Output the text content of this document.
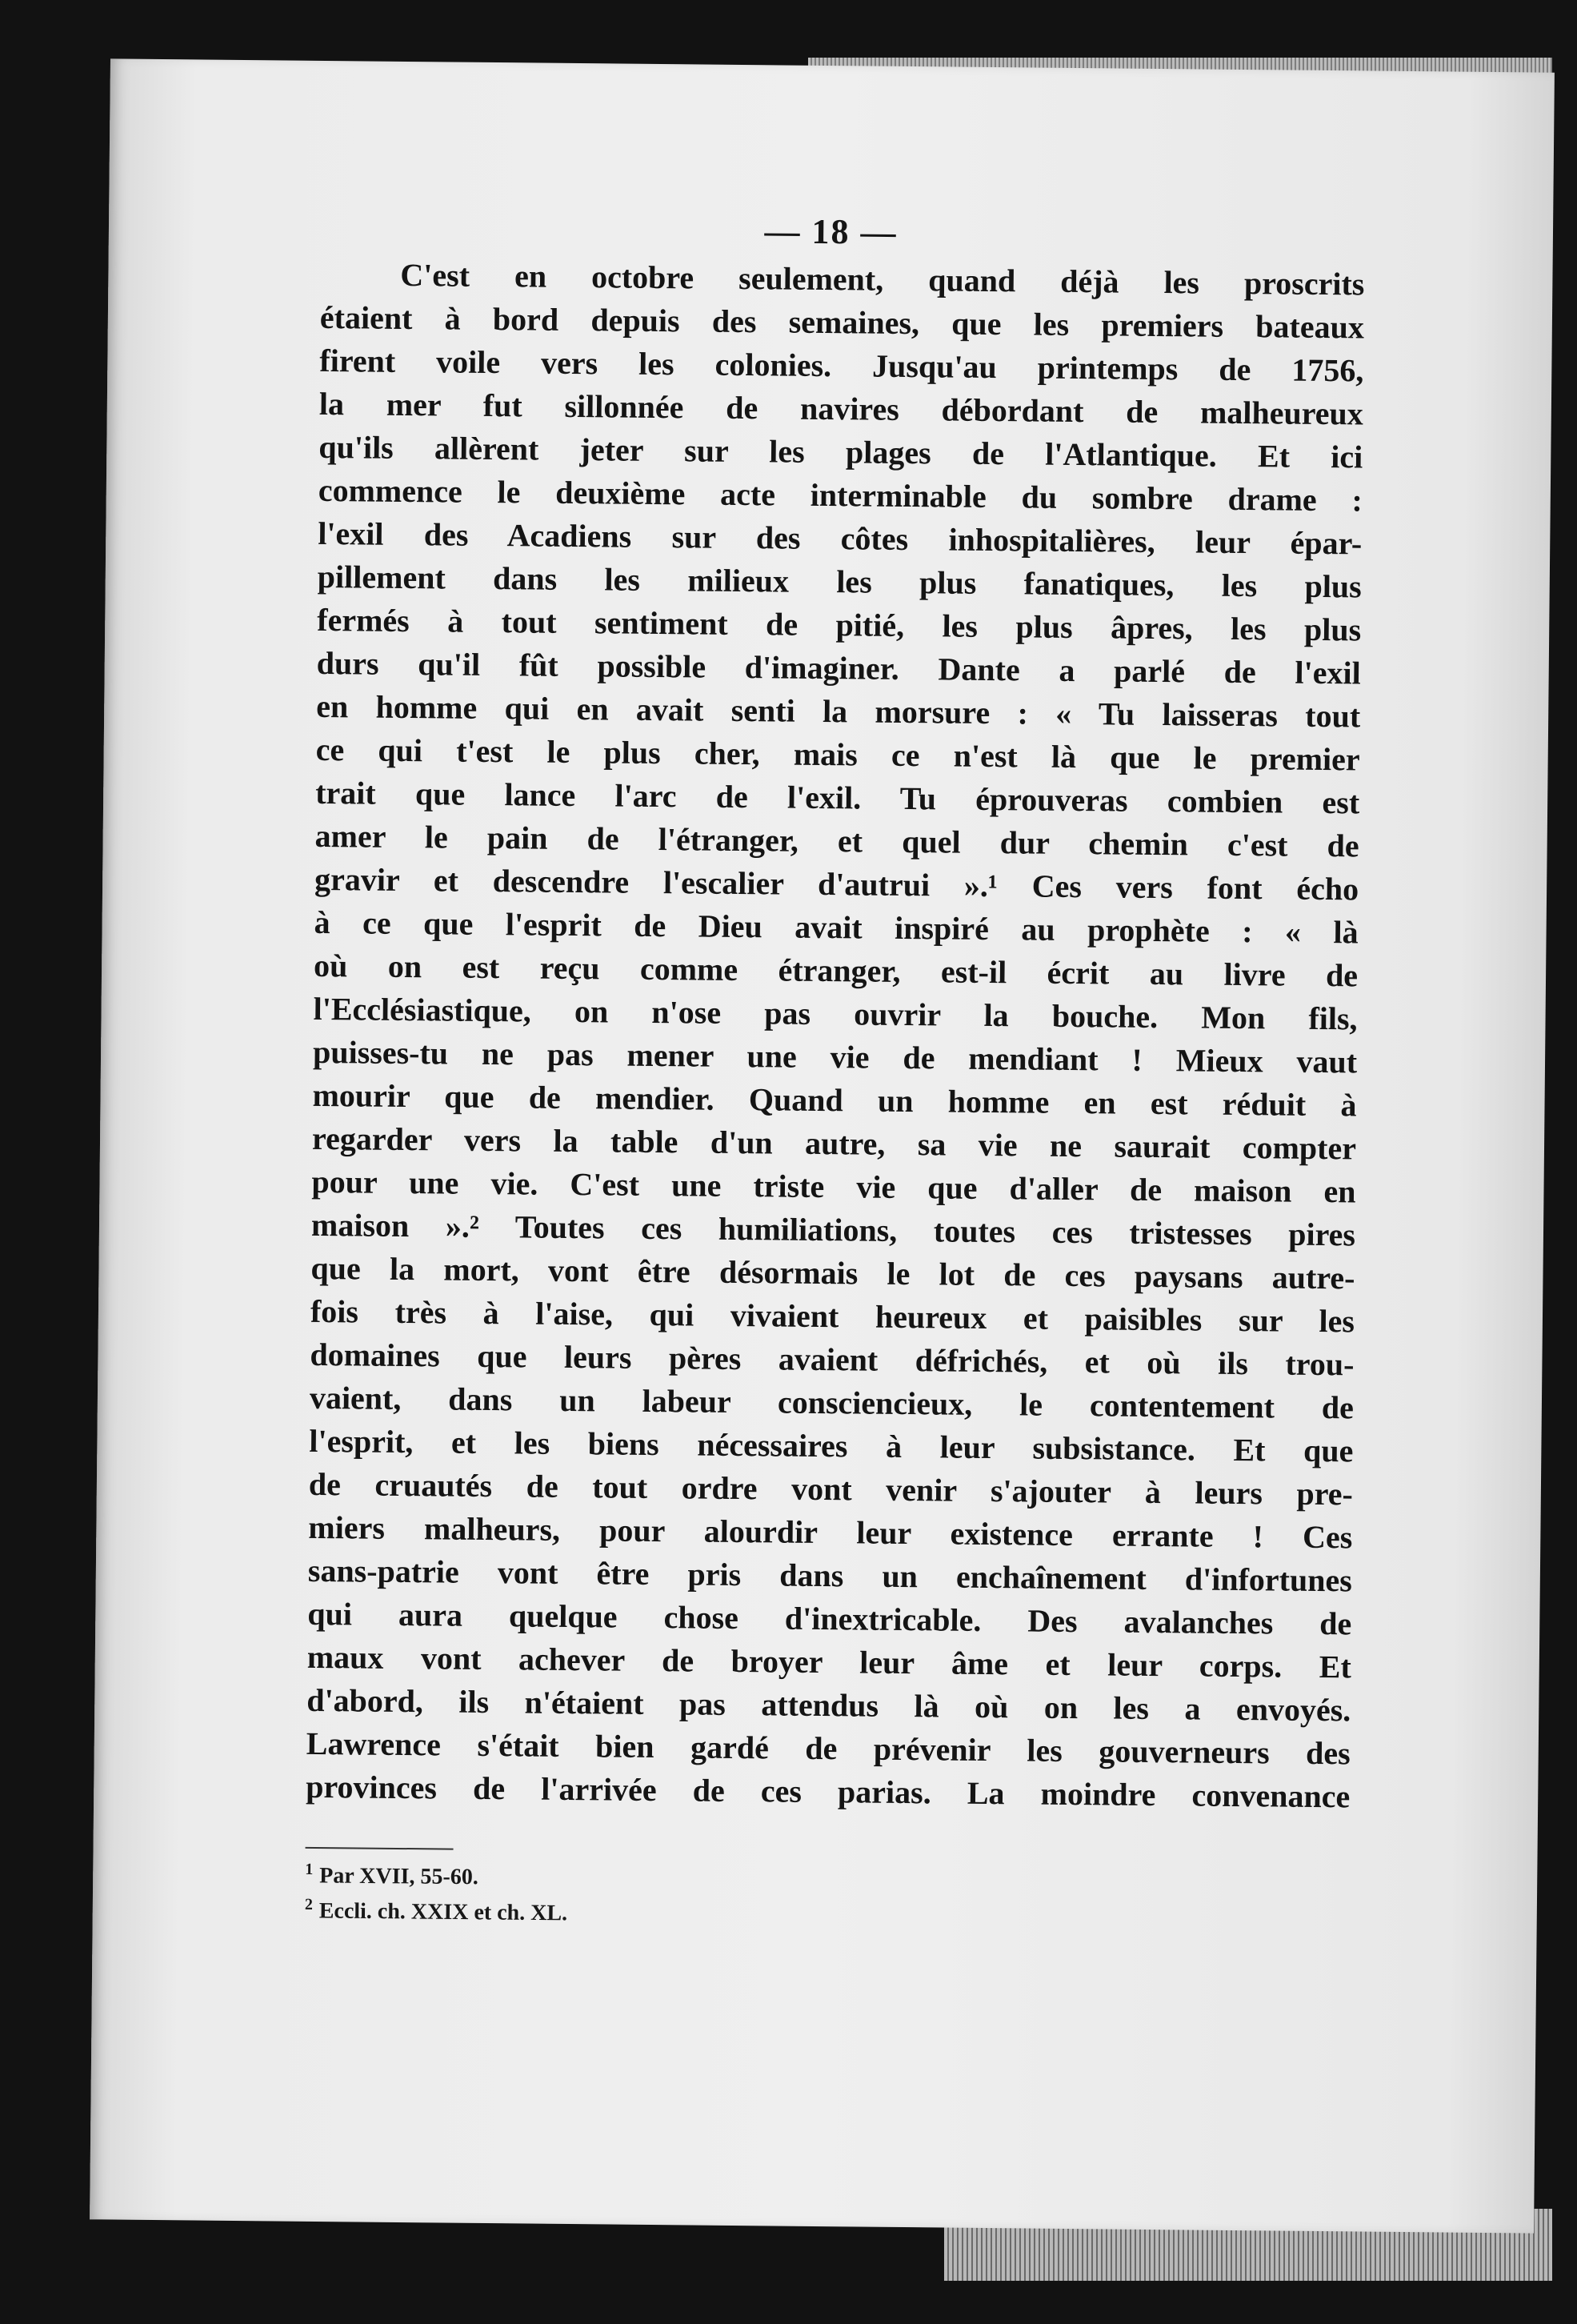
— 18 —
C'est en octobre seulement, quand déjà les proscrits
étaient à bord depuis des semaines, que les premiers bateaux
firent voile vers les colonies. Jusqu'au printemps de 1756,
la mer fut sillonnée de navires débordant de malheureux
qu'ils allèrent jeter sur les plages de l'Atlantique. Et ici
commence le deuxième acte interminable du sombre drame :
l'exil des Acadiens sur des côtes inhospitalières, leur épar-
pillement dans les milieux les plus fanatiques, les plus
fermés à tout sentiment de pitié, les plus âpres, les plus
durs qu'il fût possible d'imaginer. Dante a parlé de l'exil
en homme qui en avait senti la morsure : « Tu laisseras tout
ce qui t'est le plus cher, mais ce n'est là que le premier
trait que lance l'arc de l'exil. Tu éprouveras combien est
amer le pain de l'étranger, et quel dur chemin c'est de
gravir et descendre l'escalier d'autrui ».¹ Ces vers font écho
à ce que l'esprit de Dieu avait inspiré au prophète : « là
où on est reçu comme étranger, est-il écrit au livre de
l'Ecclésiastique, on n'ose pas ouvrir la bouche. Mon fils,
puisses-tu ne pas mener une vie de mendiant ! Mieux vaut
mourir que de mendier. Quand un homme en est réduit à
regarder vers la table d'un autre, sa vie ne saurait compter
pour une vie. C'est une triste vie que d'aller de maison en
maison ».² Toutes ces humiliations, toutes ces tristesses pires
que la mort, vont être désormais le lot de ces paysans autre-
fois très à l'aise, qui vivaient heureux et paisibles sur les
domaines que leurs pères avaient défrichés, et où ils trou-
vaient, dans un labeur consciencieux, le contentement de
l'esprit, et les biens nécessaires à leur subsistance. Et que
de cruautés de tout ordre vont venir s'ajouter à leurs pre-
miers malheurs, pour alourdir leur existence errante ! Ces
sans-patrie vont être pris dans un enchaînement d'infortunes
qui aura quelque chose d'inextricable. Des avalanches de
maux vont achever de broyer leur âme et leur corps. Et
d'abord, ils n'étaient pas attendus là où on les a envoyés.
Lawrence s'était bien gardé de prévenir les gouverneurs des
provinces de l'arrivée de ces parias. La moindre convenance
$^1$ Par XVII, 55-60.
$^2$ Eccli. ch. XXIX et ch. XL.
